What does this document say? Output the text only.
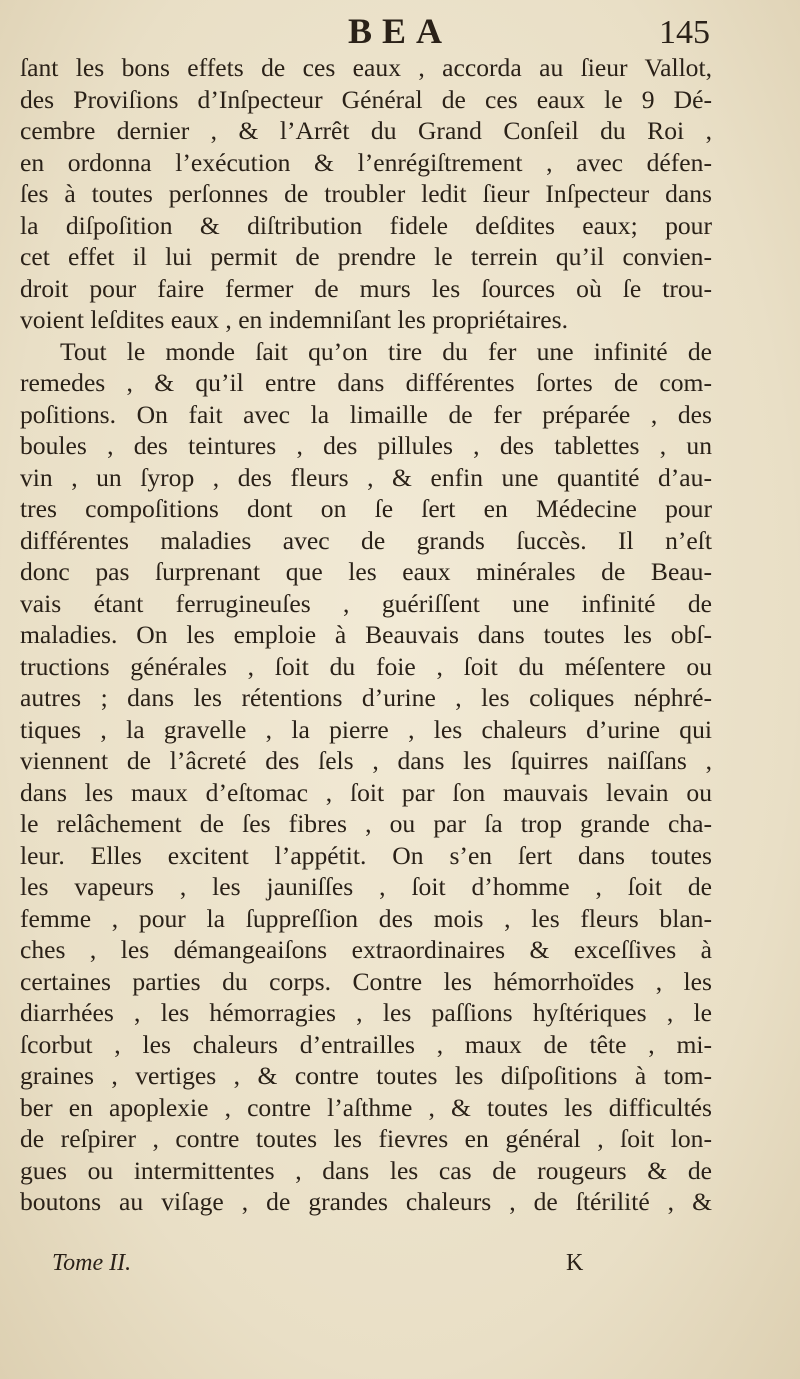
BEA	145
ſant les bons effets de ces eaux , accorda au ſieur Vallot,
des Proviſions d’Inſpecteur Général de ces eaux le 9 Dé-
cembre dernier , & l’Arrêt du Grand Conſeil du Roi ,
en ordonna l’exécution & l’enrégiſtrement , avec défen-
ſes à toutes perſonnes de troubler ledit ſieur Inſpecteur dans
la diſpoſition & diſtribution fidele deſdites eaux; pour
cet effet il lui permit de prendre le terrein qu’il convien-
droit pour faire fermer de murs les ſources où ſe trou-
voient leſdites eaux , en indemniſant les propriétaires.
Tout le monde ſait qu’on tire du fer une infinité de
remedes , & qu’il entre dans différentes ſortes de com-
poſitions. On fait avec la limaille de fer préparée , des
boules , des teintures , des pillules , des tablettes , un
vin , un ſyrop , des fleurs , & enfin une quantité d’au-
tres compoſitions dont on ſe ſert en Médecine pour
différentes maladies avec de grands ſuccès. Il n’eſt
donc pas ſurprenant que les eaux minérales de Beau-
vais étant ferrugineuſes , guériſſent une infinité de
maladies. On les emploie à Beauvais dans toutes les obſ-
tructions générales , ſoit du foie , ſoit du méſentere ou
autres ; dans les rétentions d’urine , les coliques néphré-
tiques , la gravelle , la pierre , les chaleurs d’urine qui
viennent de l’âcreté des ſels , dans les ſquirres naiſſans ,
dans les maux d’eſtomac , ſoit par ſon mauvais levain ou
le relâchement de ſes fibres , ou par ſa trop grande cha-
leur. Elles excitent l’appétit. On s’en ſert dans toutes
les vapeurs , les jauniſſes , ſoit d’homme , ſoit de
femme , pour la ſuppreſſion des mois , les fleurs blan-
ches , les démangeaiſons extraordinaires & exceſſives à
certaines parties du corps. Contre les hémorrhoïdes , les
diarrhées , les hémorragies , les paſſions hyſtériques , le
ſcorbut , les chaleurs d’entrailles , maux de tête , mi-
graines , vertiges , & contre toutes les diſpoſitions à tom-
ber en apoplexie , contre l’aſthme , & toutes les difficultés
de reſpirer , contre toutes les fievres en général , ſoit lon-
gues ou intermittentes , dans les cas de rougeurs & de
boutons au viſage , de grandes chaleurs , de ſtérilité , &
Tome II.	K
